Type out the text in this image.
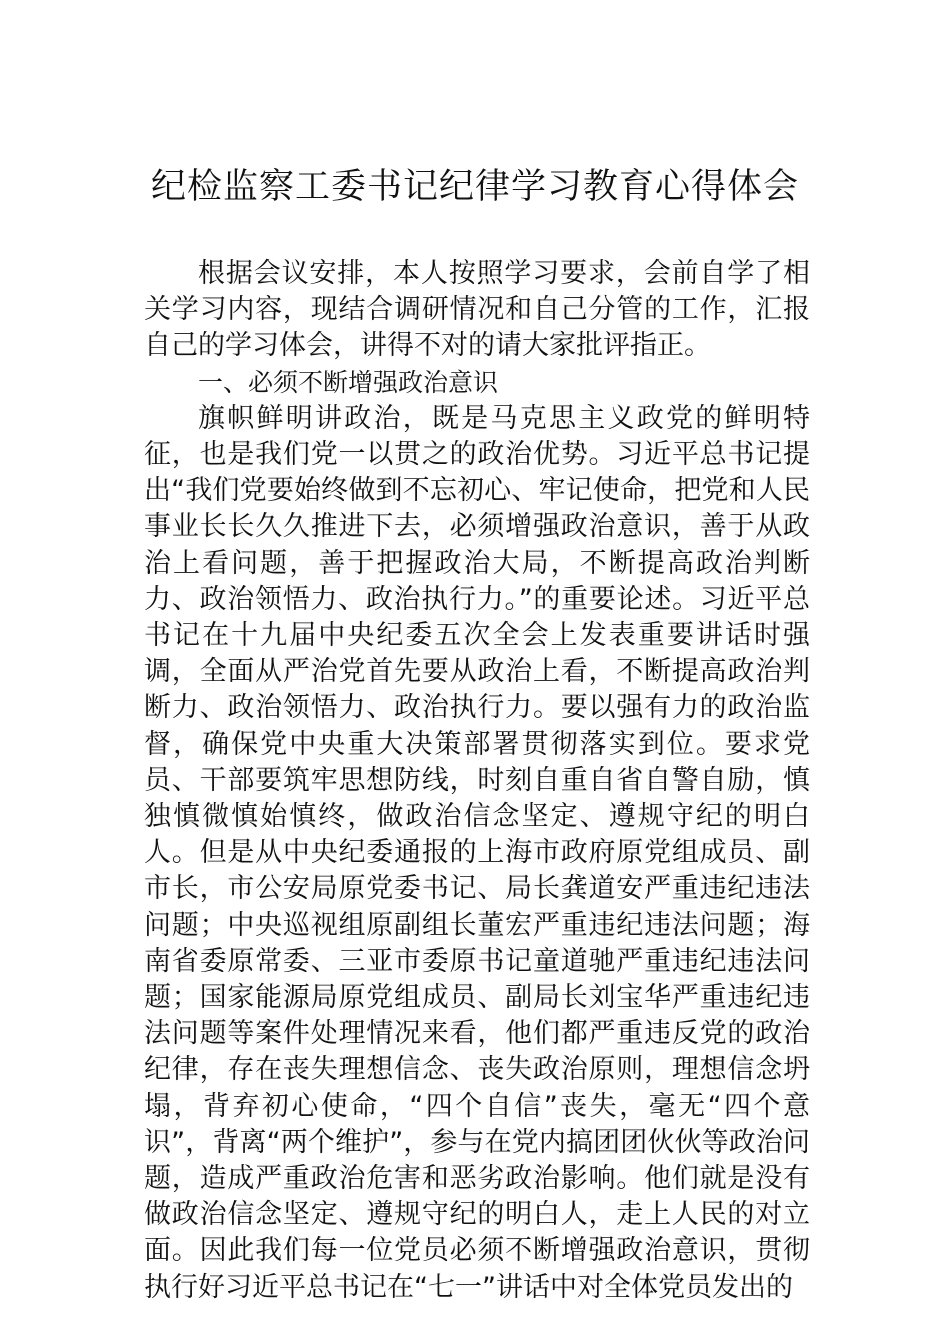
纪检监察工委书记纪律学习教育心得体会

根据会议安排，本人按照学习要求，会前自学了相关学习内容，现结合调研情况和自己分管的工作，汇报自己的学习体会，讲得不对的请大家批评指正。

一、必须不断增强政治意识

旗帜鲜明讲政治，既是马克思主义政党的鲜明特征，也是我们党一以贯之的政治优势。习近平总书记提出“我们党要始终做到不忘初心、牢记使命，把党和人民事业长长久久推进下去，必须增强政治意识，善于从政治上看问题，善于把握政治大局，不断提高政治判断力、政治领悟力、政治执行力。”的重要论述。习近平总书记在十九届中央纪委五次全会上发表重要讲话时强调，全面从严治党首先要从政治上看，不断提高政治判断力、政治领悟力、政治执行力。要以强有力的政治监督，确保党中央重大决策部署贯彻落实到位。要求党员、干部要筑牢思想防线，时刻自重自省自警自励，慎独慎微慎始慎终，做政治信念坚定、遵规守纪的明白人。但是从中央纪委通报的上海市政府原党组成员、副市长，市公安局原党委书记、局长龚道安严重违纪违法问题；中央巡视组原副组长董宏严重违纪违法问题；海南省委原常委、三亚市委原书记童道驰严重违纪违法问题；国家能源局原党组成员、副局长刘宝华严重违纪违法问题等案件处理情况来看，他们都严重违反党的政治纪律，存在丧失理想信念、丧失政治原则，理想信念坍塌，背弃初心使命，“四个自信”丧失，毫无“四个意识”，背离“两个维护”，参与在党内搞团团伙伙等政治问题，造成严重政治危害和恶劣政治影响。他们就是没有做政治信念坚定、遵规守纪的明白人，走上人民的对立面。因此我们每一位党员必须不断增强政治意识，贯彻执行好习近平总书记在“七一”讲话中对全体党员发出的
